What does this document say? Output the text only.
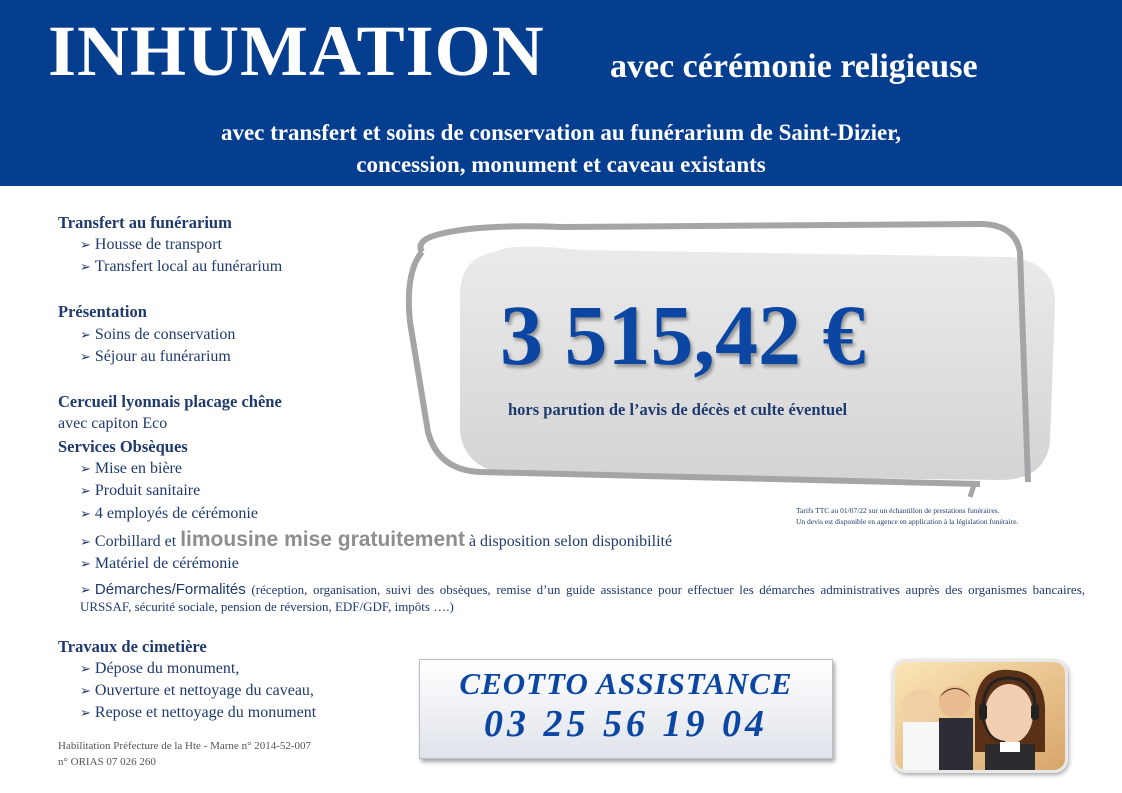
INHUMATION avec cérémonie religieuse
avec transfert et soins de conservation au funérarium de Saint-Dizier,
concession, monument et caveau existants
Transfert au funérarium
➢ Housse de transport
➢ Transfert local au funérarium
Présentation
➢ Soins de conservation
➢ Séjour au funérarium
Cercueil lyonnais placage chêne
avec capiton Eco
Services Obsèques
➢ Mise en bière
➢ Produit sanitaire
➢ 4 employés de cérémonie
➢ Corbillard et limousine mise gratuitement à disposition selon disponibilité
➢ Matériel de cérémonie
➢ Démarches/Formalités (réception, organisation, suivi des obsèques, remise d’un guide assistance pour effectuer les démarches administratives auprès des organismes bancaires, URSSAF, sécurité sociale, pension de réversion, EDF/GDF, impôts ….)
Travaux de cimetière
➢ Dépose du monument,
➢ Ouverture et nettoyage du caveau,
➢ Repose et nettoyage du monument
3 515,42 €
hors parution de l’avis de décès et culte éventuel
Tarifs TTC au 01/07/22 sur un échantillon de prestations funéraires.
Un devis est disponible en agence en application à la législation funéraire.
CEOTTO ASSISTANCE
03 25 56 19 04
Habilitation Préfecture de la Hte - Marne n° 2014-52-007
n° ORIAS 07 026 260
